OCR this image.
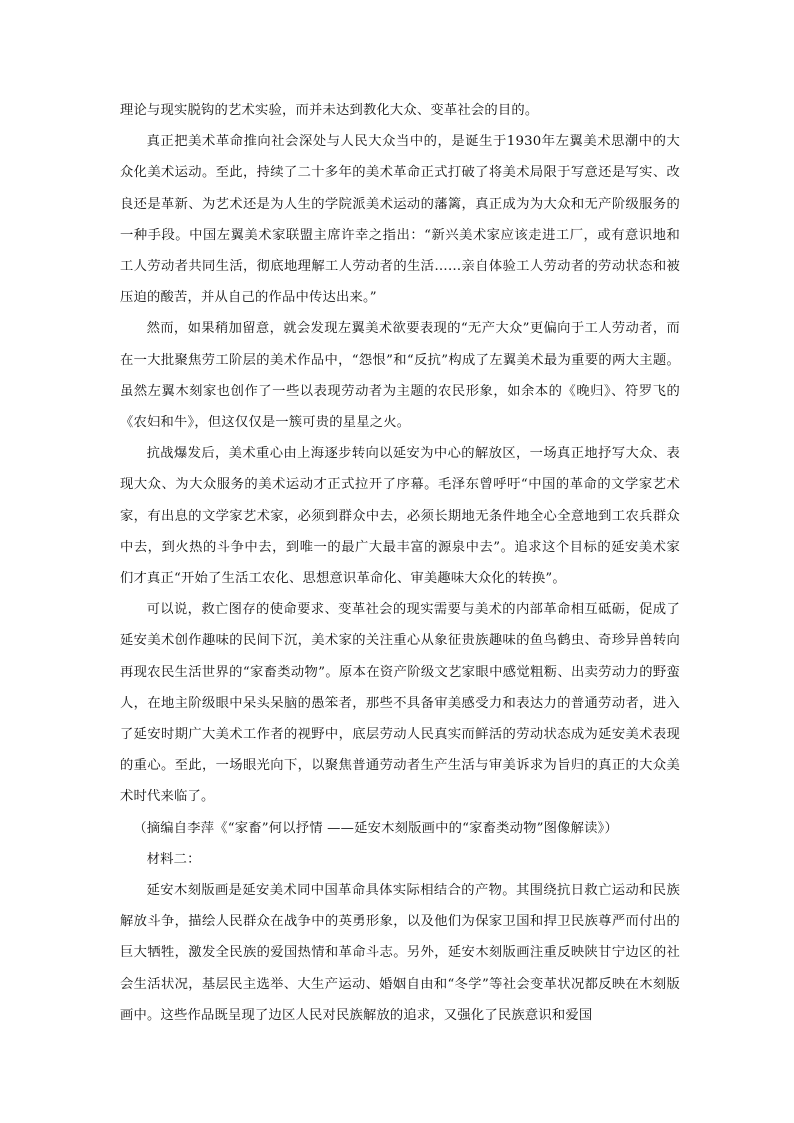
理论与现实脱钩的艺术实验，而并未达到教化大众、变革社会的目的。

真正把美术革命推向社会深处与人民大众当中的，是诞生于1930年左翼美术思潮中的大众化美术运动。至此，持续了二十多年的美术革命正式打破了将美术局限于写意还是写实、改良还是革新、为艺术还是为人生的学院派美术运动的藩篱，真正成为为大众和无产阶级服务的一种手段。中国左翼美术家联盟主席许幸之指出：“新兴美术家应该走进工厂，或有意识地和工人劳动者共同生活，彻底地理解工人劳动者的生活……亲自体验工人劳动者的劳动状态和被压迫的酸苦，并从自己的作品中传达出来。”

然而，如果稍加留意，就会发现左翼美术欲要表现的“无产大众”更偏向于工人劳动者，而在一大批聚焦劳工阶层的美术作品中，“怨恨”和“反抗”构成了左翼美术最为重要的两大主题。虽然左翼木刻家也创作了一些以表现劳动者为主题的农民形象，如余本的《晚归》、符罗飞的《农妇和牛》，但这仅仅是一簇可贵的星星之火。

抗战爆发后，美术重心由上海逐步转向以延安为中心的解放区，一场真正地抒写大众、表现大众、为大众服务的美术运动才正式拉开了序幕。毛泽东曾呼吁“中国的革命的文学家艺术家，有出息的文学家艺术家，必须到群众中去，必须长期地无条件地全心全意地到工农兵群众中去，到火热的斗争中去，到唯一的最广大最丰富的源泉中去”。追求这个目标的延安美术家们才真正“开始了生活工农化、思想意识革命化、审美趣味大众化的转换”。

可以说，救亡图存的使命要求、变革社会的现实需要与美术的内部革命相互砥砺，促成了延安美术创作趣味的民间下沉，美术家的关注重心从象征贵族趣味的鱼鸟鹤虫、奇珍异兽转向再现农民生活世界的“家畜类动物”。原本在资产阶级文艺家眼中感觉粗粝、出卖劳动力的野蛮人，在地主阶级眼中呆头呆脑的愚笨者，那些不具备审美感受力和表达力的普通劳动者，进入了延安时期广大美术工作者的视野中，底层劳动人民真实而鲜活的劳动状态成为延安美术表现的重心。至此，一场眼光向下，以聚焦普通劳动者生产生活与审美诉求为旨归的真正的大众美术时代来临了。

（摘编自李萍《“家畜”何以抒情 ——延安木刻版画中的“家畜类动物”图像解读》）

材料二：

延安木刻版画是延安美术同中国革命具体实际相结合的产物。其围绕抗日救亡运动和民族解放斗争，描绘人民群众在战争中的英勇形象，以及他们为保家卫国和捍卫民族尊严而付出的巨大牺牲，激发全民族的爱国热情和革命斗志。另外，延安木刻版画注重反映陕甘宁边区的社会生活状况，基层民主选举、大生产运动、婚姻自由和“冬学”等社会变革状况都反映在木刻版画中。这些作品既呈现了边区人民对民族解放的追求，又强化了民族意识和爱国
